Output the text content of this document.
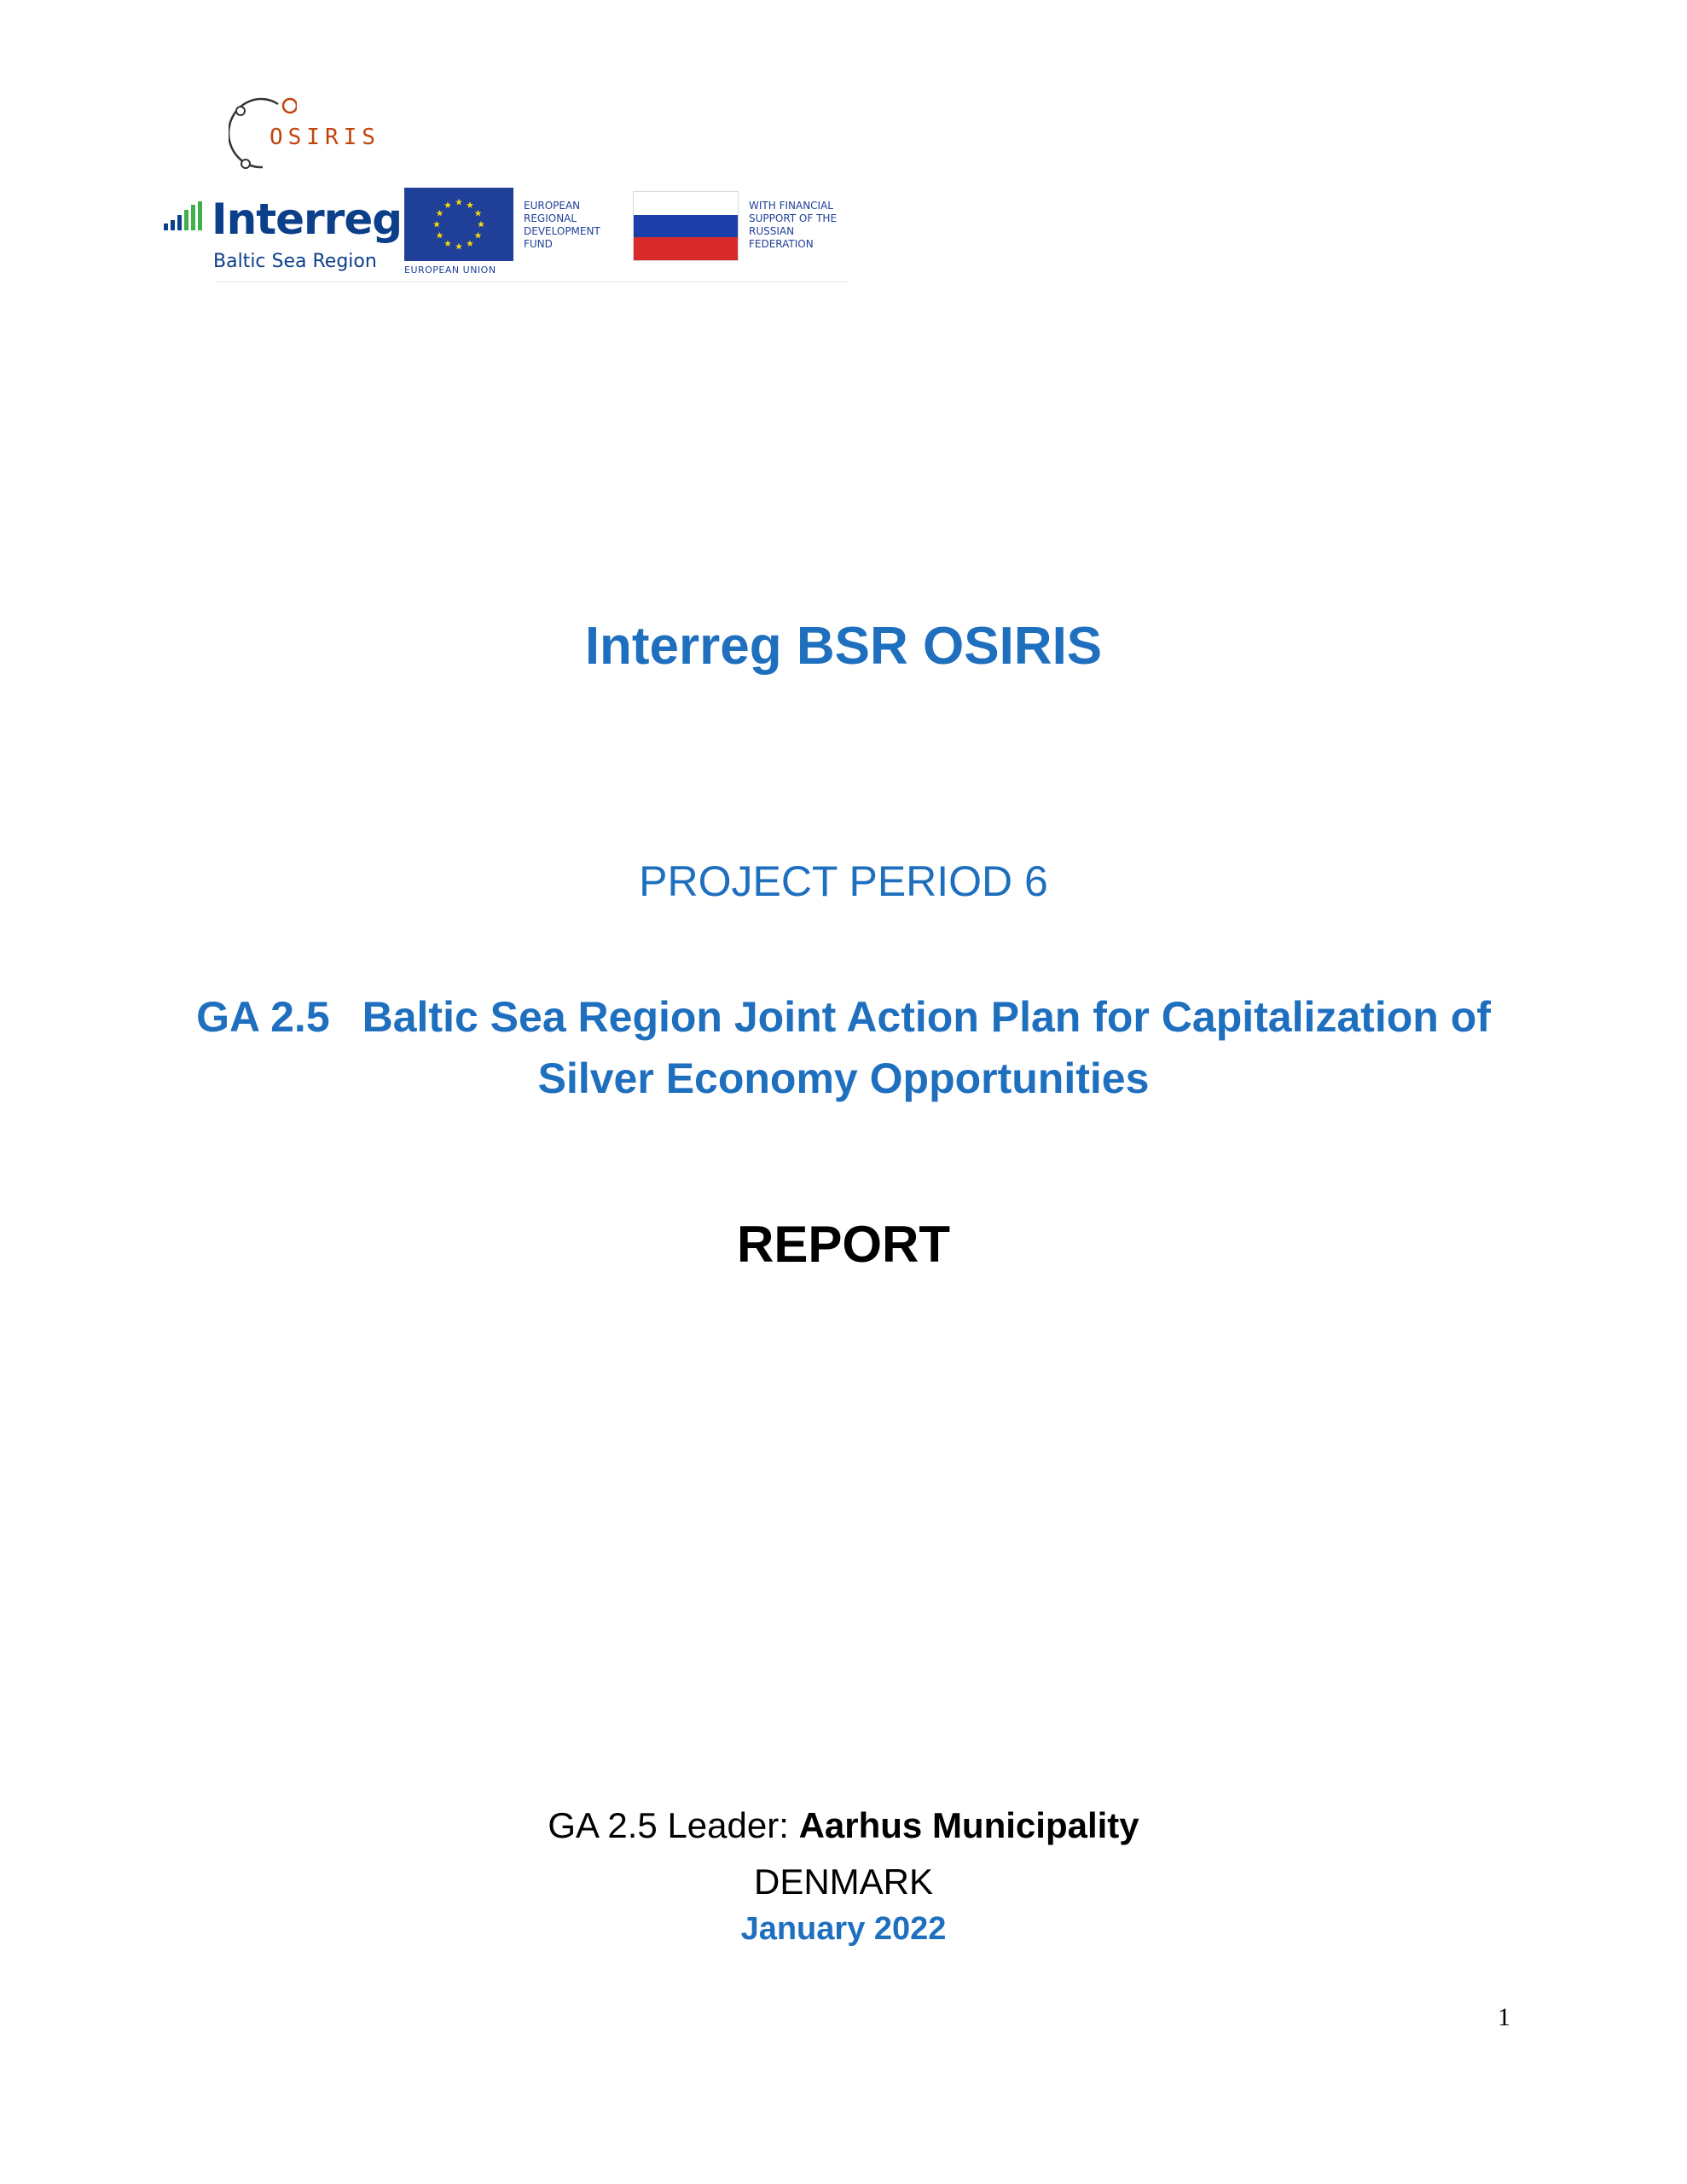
OSIRIS
Interreg
Baltic Sea Region	EUROPEAN UNION
EUROPEAN
REGIONAL
DEVELOPMENT
FUND
WITH FINANCIAL
SUPPORT OF THE
RUSSIAN
FEDERATION
Interreg BSR OSIRIS
PROJECT PERIOD 6
GA 2.5 Baltic Sea Region Joint Action Plan for Capitalization of
Silver Economy Opportunities
REPORT
GA 2.5 Leader: Aarhus Municipality
DENMARK
January 2022
1
